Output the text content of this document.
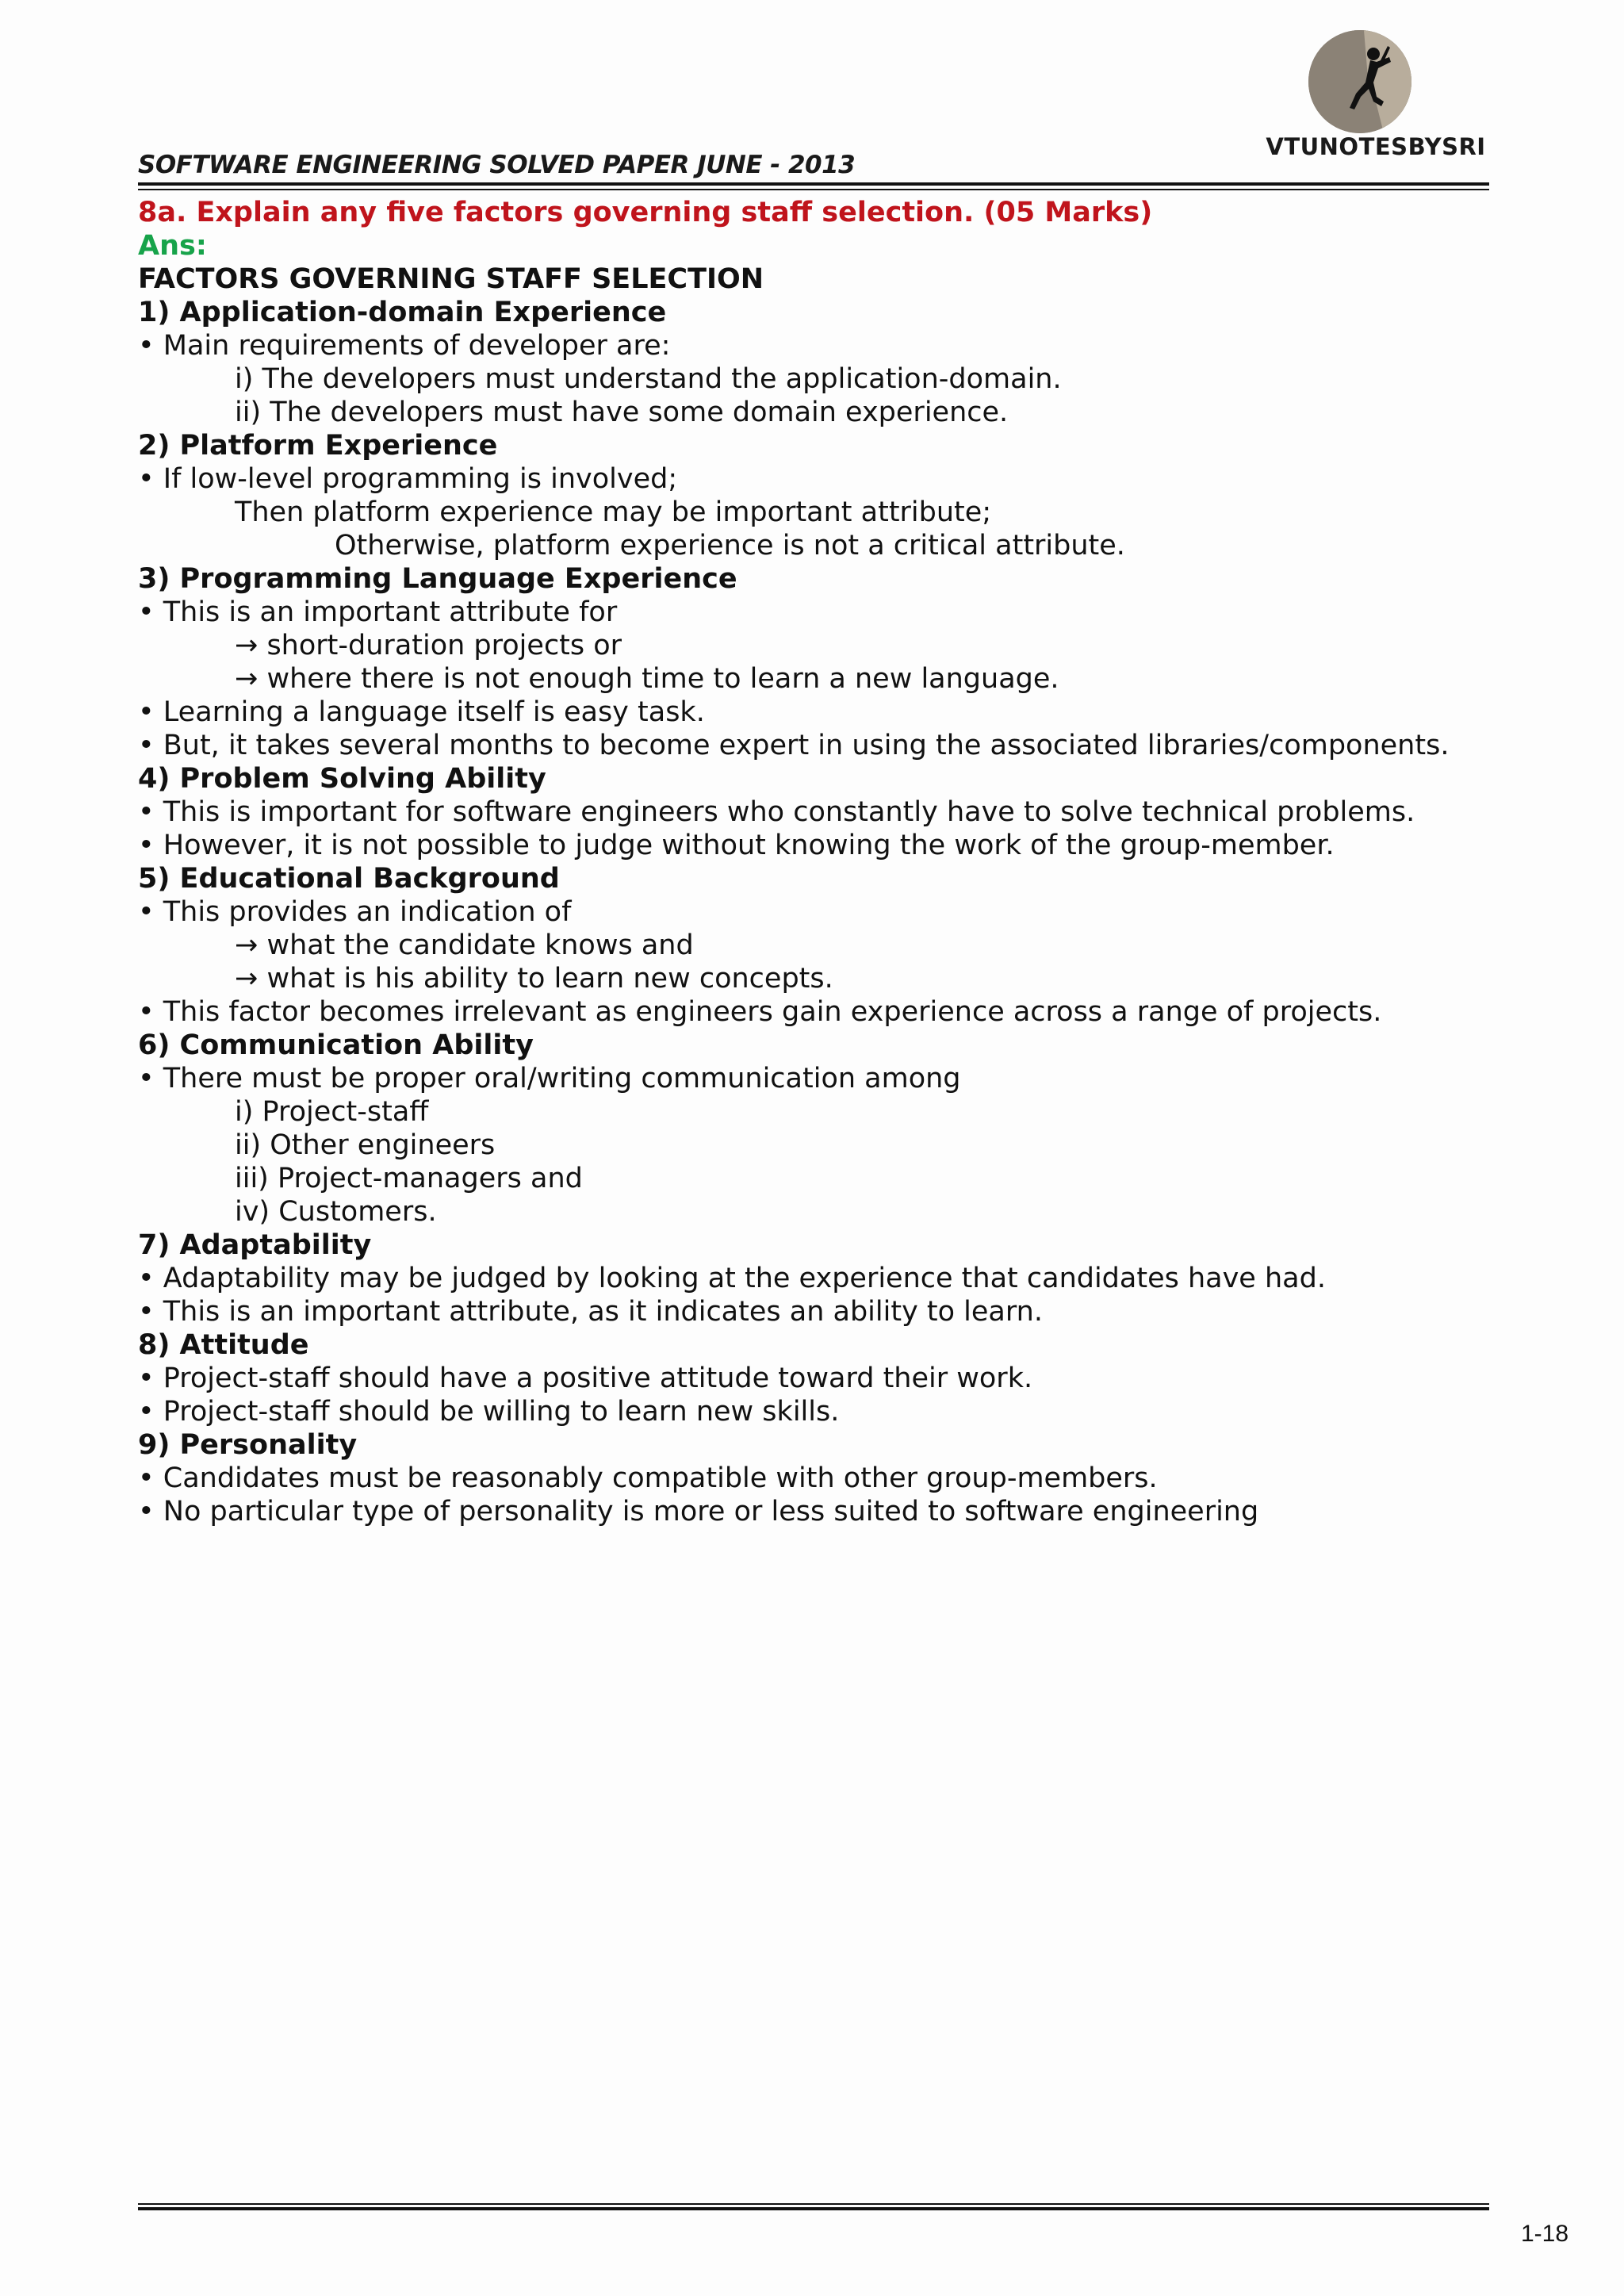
SOFTWARE ENGINEERING SOLVED PAPER JUNE - 2013
VTUNOTESBYSRI
8a. Explain any five factors governing staff selection. (05 Marks)
Ans:
FACTORS GOVERNING STAFF SELECTION
1) Application-domain Experience
• Main requirements of developer are:
i) The developers must understand the application-domain.
ii) The developers must have some domain experience.
2) Platform Experience
• If low-level programming is involved;
Then platform experience may be important attribute;
Otherwise, platform experience is not a critical attribute.
3) Programming Language Experience
• This is an important attribute for
→ short-duration projects or
→ where there is not enough time to learn a new language.
• Learning a language itself is easy task.
• But, it takes several months to become expert in using the associated libraries/components.
4) Problem Solving Ability
• This is important for software engineers who constantly have to solve technical problems.
• However, it is not possible to judge without knowing the work of the group-member.
5) Educational Background
• This provides an indication of
→ what the candidate knows and
→ what is his ability to learn new concepts.
• This factor becomes irrelevant as engineers gain experience across a range of projects.
6) Communication Ability
• There must be proper oral/writing communication among
i) Project-staff
ii) Other engineers
iii) Project-managers and
iv) Customers.
7) Adaptability
• Adaptability may be judged by looking at the experience that candidates have had.
• This is an important attribute, as it indicates an ability to learn.
8) Attitude
• Project-staff should have a positive attitude toward their work.
• Project-staff should be willing to learn new skills.
9) Personality
• Candidates must be reasonably compatible with other group-members.
• No particular type of personality is more or less suited to software engineering
1-18
